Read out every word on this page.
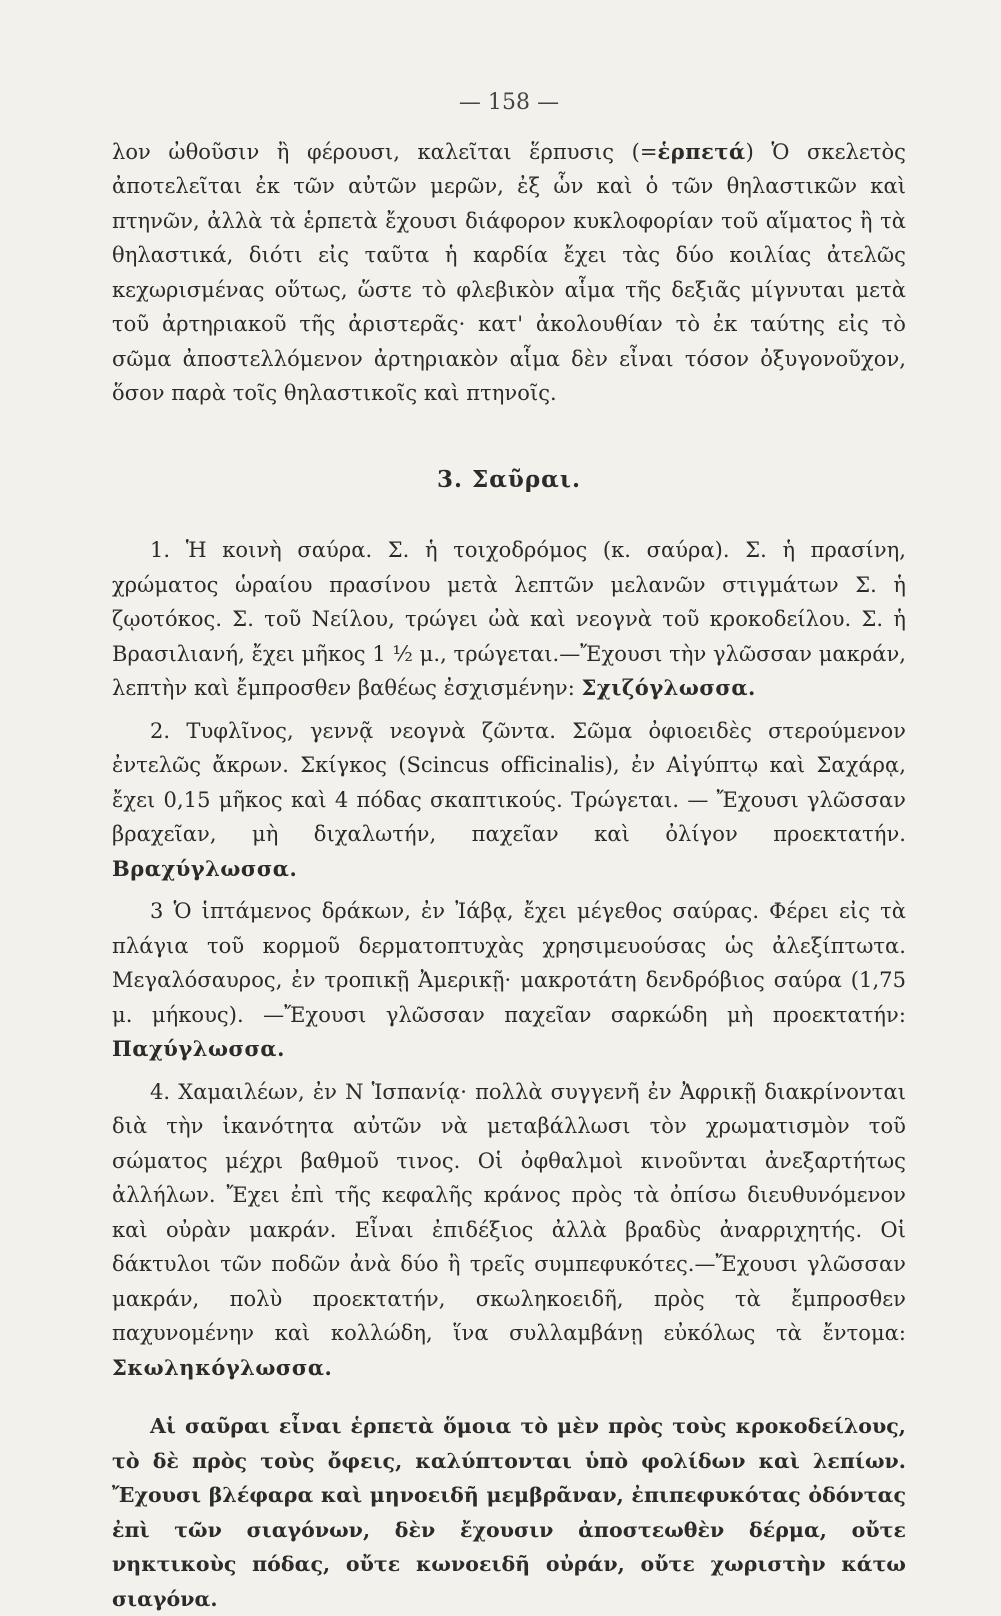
— 158 —

λον ὠθοῦσιν ἢ φέρουσι, καλεῖται ἕρπυσις (=ἑρπετά) Ὁ σκελετὸς ἀποτελεῖται ἐκ τῶν αὐτῶν μερῶν, ἐξ ὧν καὶ ὁ τῶν θηλαστικῶν καὶ πτηνῶν, ἀλλὰ τὰ ἑρπετὰ ἔχουσι διάφορον κυκλοφορίαν τοῦ αἵματος ἢ τὰ θηλαστικά, διότι εἰς ταῦτα ἡ καρδία ἔχει τὰς δύο κοιλίας ἀτελῶς κεχωρισμένας οὕτως, ὥστε τὸ φλεβικὸν αἷμα τῆς δεξιᾶς μίγνυται μετὰ τοῦ ἀρτηριακοῦ τῆς ἀριστερᾶς· κατ' ἀκολουθίαν τὸ ἐκ ταύτης εἰς τὸ σῶμα ἀποστελλόμενον ἀρτηριακὸν αἷμα δὲν εἶναι τόσον ὀξυγονοῦχον, ὅσον παρὰ τοῖς θηλαστικοῖς καὶ πτηνοῖς.

3. Σαῦραι.

1. Ἡ κοινὴ σαύρα. Σ. ἡ τοιχοδρόμος (κ. σαύρα). Σ. ἡ πρασίνη, χρώματος ὡραίου πρασίνου μετὰ λεπτῶν μελανῶν στιγμάτων Σ. ἡ ζῳοτόκος. Σ. τοῦ Νείλου, τρώγει ὠὰ καὶ νεογνὰ τοῦ κροκοδείλου. Σ. ἡ Βρασιλιανή, ἔχει μῆκος 1 ½ μ., τρώγεται.—Ἔχουσι τὴν γλῶσσαν μακράν, λεπτὴν καὶ ἔμπροσθεν βαθέως ἐσχισμένην: Σχιζόγλωσσα.

2. Τυφλῖνος, γεννᾷ νεογνὰ ζῶντα. Σῶμα ὀφιοειδὲς στερούμενον ἐντελῶς ἄκρων. Σκίγκος (Scincus officinalis), ἐν Αἰγύπτῳ καὶ Σαχάρᾳ, ἔχει 0,15 μῆκος καὶ 4 πόδας σκαπτικούς. Τρώγεται. — Ἔχουσι γλῶσσαν βραχεῖαν, μὴ διχαλωτήν, παχεῖαν καὶ ὀλίγον προεκτατήν. Βραχύγλωσσα.

3 Ὁ ἱπτάμενος δράκων, ἐν Ἰάβᾳ, ἔχει μέγεθος σαύρας. Φέρει εἰς τὰ πλάγια τοῦ κορμοῦ δερματοπτυχὰς χρησιμευούσας ὡς ἀλεξίπτωτα. Μεγαλόσαυρος, ἐν τροπικῇ Ἀμερικῇ· μακροτάτη δενδρόβιος σαύρα (1,75 μ. μήκους). —Ἔχουσι γλῶσσαν παχεῖαν σαρκώδη μὴ προεκτατήν: Παχύγλωσσα.

4. Χαμαιλέων, ἐν Ν Ἱσπανίᾳ· πολλὰ συγγενῆ ἐν Ἀφρικῇ διακρίνονται διὰ τὴν ἱκανότητα αὐτῶν νὰ μεταβάλλωσι τὸν χρωματισμὸν τοῦ σώματος μέχρι βαθμοῦ τινος. Οἱ ὀφθαλμοὶ κινοῦνται ἀνεξαρτήτως ἀλλήλων. Ἔχει ἐπὶ τῆς κεφαλῆς κράνος πρὸς τὰ ὀπίσω διευθυνόμενον καὶ οὐρὰν μακράν. Εἶναι ἐπιδέξιος ἀλλὰ βραδὺς ἀναρριχητής. Οἱ δάκτυλοι τῶν ποδῶν ἀνὰ δύο ἢ τρεῖς συμπεφυκότες.—Ἔχουσι γλῶσσαν μακράν, πολὺ προεκτατήν, σκωληκοειδῆ, πρὸς τὰ ἔμπροσθεν παχυνομένην καὶ κολλώδη, ἵνα συλλαμβάνῃ εὐκόλως τὰ ἔντομα: Σκωληκόγλωσσα.

Αἱ σαῦραι εἶναι ἑρπετὰ ὅμοια τὸ μὲν πρὸς τοὺς κροκοδείλους, τὸ δὲ πρὸς τοὺς ὄφεις, καλύπτονται ὑπὸ φολίδων καὶ λεπίων. Ἔχουσι βλέφαρα καὶ μηνοειδῆ μεμβρᾶναν, ἐπιπεφυκότας ὀδόντας ἐπὶ τῶν σιαγόνων, δὲν ἔχουσιν ἀποστεωθὲν δέρμα, οὔτε νηκτικοὺς πόδας, οὔτε κωνοειδῆ οὐράν, οὔτε χωριστὴν κάτω σιαγόνα.
